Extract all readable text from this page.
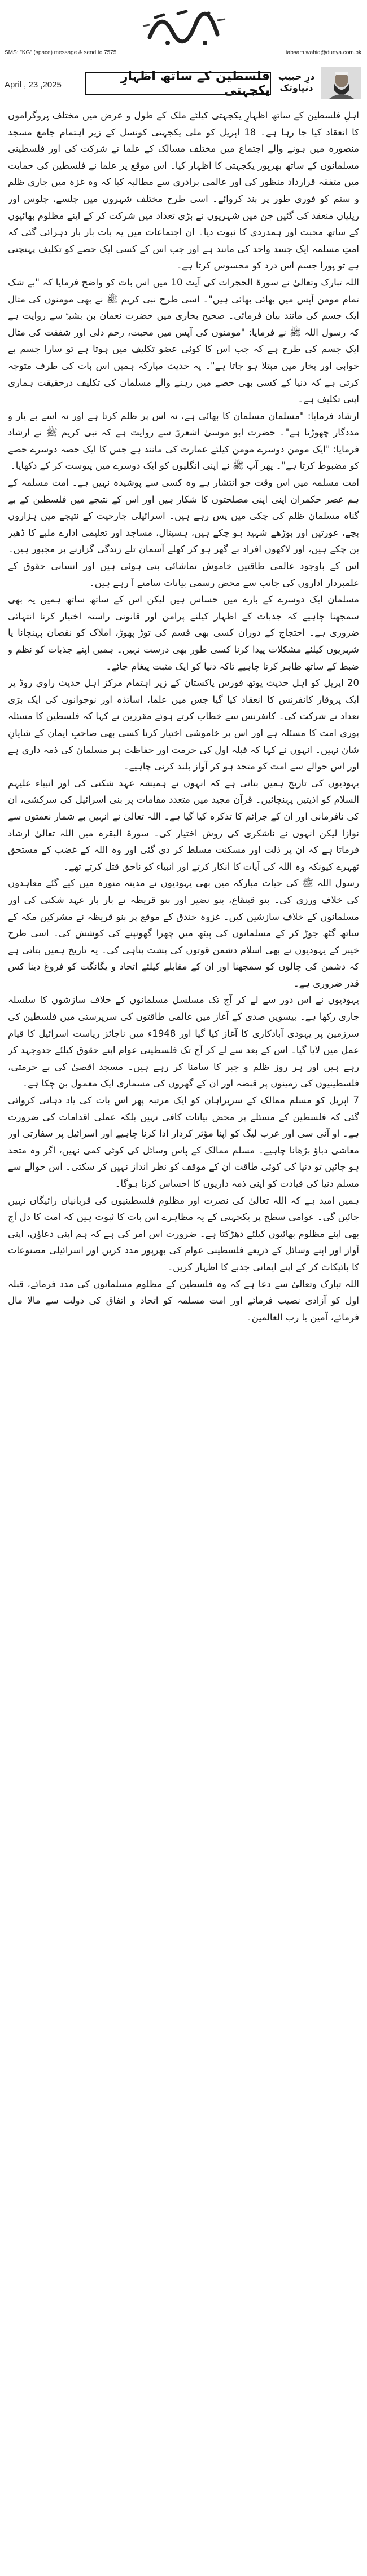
SMS: "KG" (space) message & send to 7575	tabsam.wahid@dunya.com.pk
April , 23 ,2025
فلسطین کے ساتھ اظہارِ یکجہتی
درِ حبیب
دنیاوتک

اہلِ فلسطین کے ساتھ اظہارِ یکجہتی کیلئے ملک کے طول و عرض میں مختلف پروگراموں کا انعقاد کیا جا رہا ہے۔ 18 اپریل کو ملی یکجہتی کونسل کے زیر اہتمام جامع مسجد منصورہ میں ہونے والے اجتماع میں مختلف مسالک کے علما نے شرکت کی اور فلسطینی مسلمانوں کے ساتھ بھرپور یکجہتی کا اظہار کیا۔ اس موقع پر علما نے فلسطین کی حمایت میں متفقہ قرارداد منظور کی اور عالمی برادری سے مطالبہ کیا کہ وہ غزہ میں جاری ظلم و ستم کو فوری طور پر بند کروائے۔ اسی طرح مختلف شہروں میں جلسے، جلوس اور ریلیاں منعقد کی گئیں جن میں شہریوں نے بڑی تعداد میں شرکت کر کے اپنے مظلوم بھائیوں کے ساتھ محبت اور ہمدردی کا ثبوت دیا۔ ان اجتماعات میں یہ بات بار بار دہرائی گئی کہ امتِ مسلمہ ایک جسد واحد کی مانند ہے اور جب اس کے کسی ایک حصے کو تکلیف پہنچتی ہے تو پورا جسم اس درد کو محسوس کرتا ہے۔

اللہ تبارک وتعالیٰ نے سورۃ الحجرات کی آیت 10 میں اس بات کو واضح فرمایا کہ "بے شک تمام مومن آپس میں بھائی بھائی ہیں"۔ اسی طرح نبی کریم ﷺ نے بھی مومنوں کی مثال ایک جسم کی مانند بیان فرمائی۔ صحیح بخاری میں حضرت نعمان بن بشیرؓ سے روایت ہے کہ رسول اللہ ﷺ نے فرمایا: "مومنوں کی آپس میں محبت، رحم دلی اور شفقت کی مثال ایک جسم کی طرح ہے کہ جب اس کا کوئی عضو تکلیف میں ہوتا ہے تو سارا جسم بے خوابی اور بخار میں مبتلا ہو جاتا ہے"۔ یہ حدیث مبارکہ ہمیں اس بات کی طرف متوجہ کرتی ہے کہ دنیا کے کسی بھی حصے میں رہنے والے مسلمان کی تکلیف درحقیقت ہماری اپنی تکلیف ہے۔

ارشاد فرمایا: "مسلمان مسلمان کا بھائی ہے، نہ اس پر ظلم کرتا ہے اور نہ اسے بے یار و مددگار چھوڑتا ہے"۔ حضرت ابو موسیٰ اشعریؓ سے روایت ہے کہ نبی کریم ﷺ نے ارشاد فرمایا: "ایک مومن دوسرے مومن کیلئے عمارت کی مانند ہے جس کا ایک حصہ دوسرے حصے کو مضبوط کرتا ہے"۔ پھر آپ ﷺ نے اپنی انگلیوں کو ایک دوسرے میں پیوست کر کے دکھایا۔

امت مسلمہ میں اس وقت جو انتشار ہے وہ کسی سے پوشیدہ نہیں ہے۔ امت مسلمہ کے ہم عصر حکمران اپنی اپنی مصلحتوں کا شکار ہیں اور اس کے نتیجے میں فلسطین کے بے گناہ مسلمان ظلم کی چکی میں پس رہے ہیں۔ اسرائیلی جارحیت کے نتیجے میں ہزاروں بچے، عورتیں اور بوڑھے شہید ہو چکے ہیں، ہسپتال، مساجد اور تعلیمی ادارے ملبے کا ڈھیر بن چکے ہیں، اور لاکھوں افراد بے گھر ہو کر کھلے آسمان تلے زندگی گزارنے پر مجبور ہیں۔ اس کے باوجود عالمی طاقتیں خاموش تماشائی بنی ہوئی ہیں اور انسانی حقوق کے علمبردار اداروں کی جانب سے محض رسمی بیانات سامنے آ رہے ہیں۔

مسلمان ایک دوسرے کے بارے میں حساس ہیں لیکن اس کے ساتھ ساتھ ہمیں یہ بھی سمجھنا چاہیے کہ جذبات کے اظہار کیلئے پرامن اور قانونی راستہ اختیار کرنا انتہائی ضروری ہے۔ احتجاج کے دوران کسی بھی قسم کی توڑ پھوڑ، املاک کو نقصان پہنچانا یا شہریوں کیلئے مشکلات پیدا کرنا کسی طور بھی درست نہیں۔ ہمیں اپنے جذبات کو نظم و ضبط کے ساتھ ظاہر کرنا چاہیے تاکہ دنیا کو ایک مثبت پیغام جائے۔

20 اپریل کو اہل حدیث یوتھ فورس پاکستان کے زیر اہتمام مرکز اہل حدیث راوی روڈ پر ایک پروقار کانفرنس کا انعقاد کیا گیا جس میں علما، اساتذہ اور نوجوانوں کی ایک بڑی تعداد نے شرکت کی۔ کانفرنس سے خطاب کرتے ہوئے مقررین نے کہا کہ فلسطین کا مسئلہ پوری امت کا مسئلہ ہے اور اس پر خاموشی اختیار کرنا کسی بھی صاحبِ ایمان کے شایانِ شان نہیں۔ انہوں نے کہا کہ قبلہ اول کی حرمت اور حفاظت ہر مسلمان کی ذمہ داری ہے اور اس حوالے سے امت کو متحد ہو کر آواز بلند کرنی چاہیے۔

یہودیوں کی تاریخ ہمیں بتاتی ہے کہ انہوں نے ہمیشہ عہد شکنی کی اور انبیاء علیہم السلام کو اذیتیں پہنچائیں۔ قرآن مجید میں متعدد مقامات پر بنی اسرائیل کی سرکشی، ان کی نافرمانی اور ان کے جرائم کا تذکرہ کیا گیا ہے۔ اللہ تعالیٰ نے انہیں بے شمار نعمتوں سے نوازا لیکن انہوں نے ناشکری کی روش اختیار کی۔ سورۃ البقرہ میں اللہ تعالیٰ ارشاد فرماتا ہے کہ ان پر ذلت اور مسکنت مسلط کر دی گئی اور وہ اللہ کے غضب کے مستحق ٹھہرے کیونکہ وہ اللہ کی آیات کا انکار کرتے اور انبیاء کو ناحق قتل کرتے تھے۔

رسول اللہ ﷺ کی حیات مبارکہ میں بھی یہودیوں نے مدینہ منورہ میں کیے گئے معاہدوں کی خلاف ورزی کی۔ بنو قینقاع، بنو نضیر اور بنو قریظہ نے بار بار عہد شکنی کی اور مسلمانوں کے خلاف سازشیں کیں۔ غزوہ خندق کے موقع پر بنو قریظہ نے مشرکین مکہ کے ساتھ گٹھ جوڑ کر کے مسلمانوں کی پیٹھ میں چھرا گھونپنے کی کوشش کی۔ اسی طرح خیبر کے یہودیوں نے بھی اسلام دشمن قوتوں کی پشت پناہی کی۔ یہ تاریخ ہمیں بتاتی ہے کہ دشمن کی چالوں کو سمجھنا اور ان کے مقابلے کیلئے اتحاد و یگانگت کو فروغ دینا کس قدر ضروری ہے۔

یہودیوں نے اس دور سے لے کر آج تک مسلسل مسلمانوں کے خلاف سازشوں کا سلسلہ جاری رکھا ہے۔ بیسویں صدی کے آغاز میں عالمی طاقتوں کی سرپرستی میں فلسطین کی سرزمین پر یہودی آبادکاری کا آغاز کیا گیا اور 1948ء میں ناجائز ریاست اسرائیل کا قیام عمل میں لایا گیا۔ اس کے بعد سے لے کر آج تک فلسطینی عوام اپنے حقوق کیلئے جدوجہد کر رہے ہیں اور ہر روز ظلم و جبر کا سامنا کر رہے ہیں۔ مسجد اقصیٰ کی بے حرمتی، فلسطینیوں کی زمینوں پر قبضہ اور ان کے گھروں کی مسماری ایک معمول بن چکا ہے۔

7 اپریل کو مسلم ممالک کے سربراہان کو ایک مرتبہ پھر اس بات کی یاد دہانی کروائی گئی کہ فلسطین کے مسئلے پر محض بیانات کافی نہیں بلکہ عملی اقدامات کی ضرورت ہے۔ او آئی سی اور عرب لیگ کو اپنا مؤثر کردار ادا کرنا چاہیے اور اسرائیل پر سفارتی اور معاشی دباؤ بڑھانا چاہیے۔ مسلم ممالک کے پاس وسائل کی کوئی کمی نہیں، اگر وہ متحد ہو جائیں تو دنیا کی کوئی طاقت ان کے موقف کو نظر انداز نہیں کر سکتی۔ اس حوالے سے مسلم دنیا کی قیادت کو اپنی ذمہ داریوں کا احساس کرنا ہوگا۔

ہمیں امید ہے کہ اللہ تعالیٰ کی نصرت اور مظلوم فلسطینیوں کی قربانیاں رائیگاں نہیں جائیں گی۔ عوامی سطح پر یکجہتی کے یہ مظاہرے اس بات کا ثبوت ہیں کہ امت کا دل آج بھی اپنے مظلوم بھائیوں کیلئے دھڑکتا ہے۔ ضرورت اس امر کی ہے کہ ہم اپنی دعاؤں، اپنی آواز اور اپنے وسائل کے ذریعے فلسطینی عوام کی بھرپور مدد کریں اور اسرائیلی مصنوعات کا بائیکاٹ کر کے اپنے ایمانی جذبے کا اظہار کریں۔

اللہ تبارک وتعالیٰ سے دعا ہے کہ وہ فلسطین کے مظلوم مسلمانوں کی مدد فرمائے، قبلہ اول کو آزادی نصیب فرمائے اور امت مسلمہ کو اتحاد و اتفاق کی دولت سے مالا مال فرمائے، آمین یا رب العالمین۔
